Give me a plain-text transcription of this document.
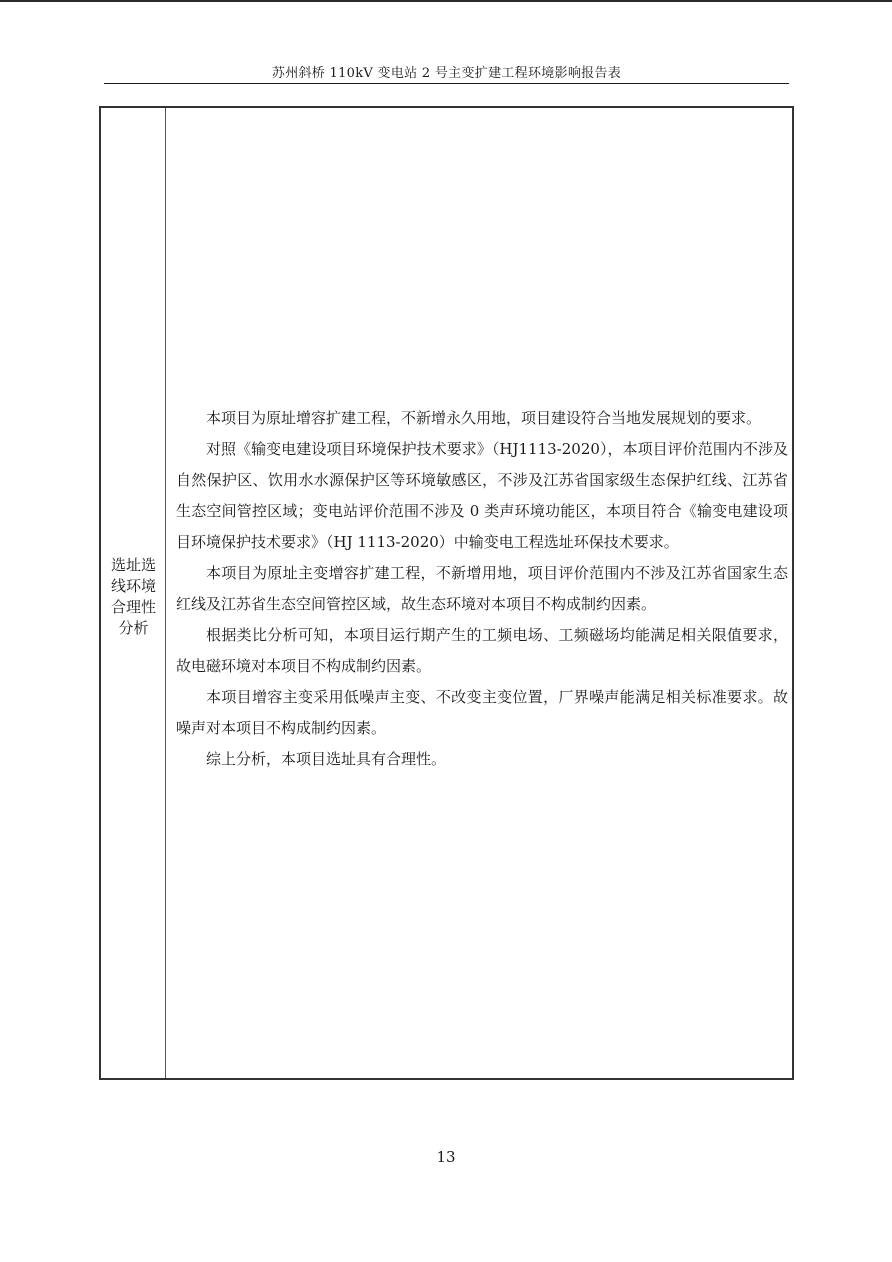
苏州斜桥 110kV 变电站 2 号主变扩建工程环境影响报告表
选址选
线环境
合理性
分析

本项目为原址增容扩建工程，不新增永久用地，项目建设符合当地发展规划的要求。

对照《输变电建设项目环境保护技术要求》（HJ1113-2020），本项目评价范围内不涉及自然保护区、饮用水水源保护区等环境敏感区，不涉及江苏省国家级生态保护红线、江苏省生态空间管控区域；变电站评价范围不涉及 0 类声环境功能区，本项目符合《输变电建设项目环境保护技术要求》（HJ 1113-2020）中输变电工程选址环保技术要求。

本项目为原址主变增容扩建工程，不新增用地，项目评价范围内不涉及江苏省国家生态红线及江苏省生态空间管控区域，故生态环境对本项目不构成制约因素。

根据类比分析可知，本项目运行期产生的工频电场、工频磁场均能满足相关限值要求，故电磁环境对本项目不构成制约因素。

本项目增容主变采用低噪声主变、不改变主变位置，厂界噪声能满足相关标准要求。故噪声对本项目不构成制约因素。

综上分析，本项目选址具有合理性。

13
